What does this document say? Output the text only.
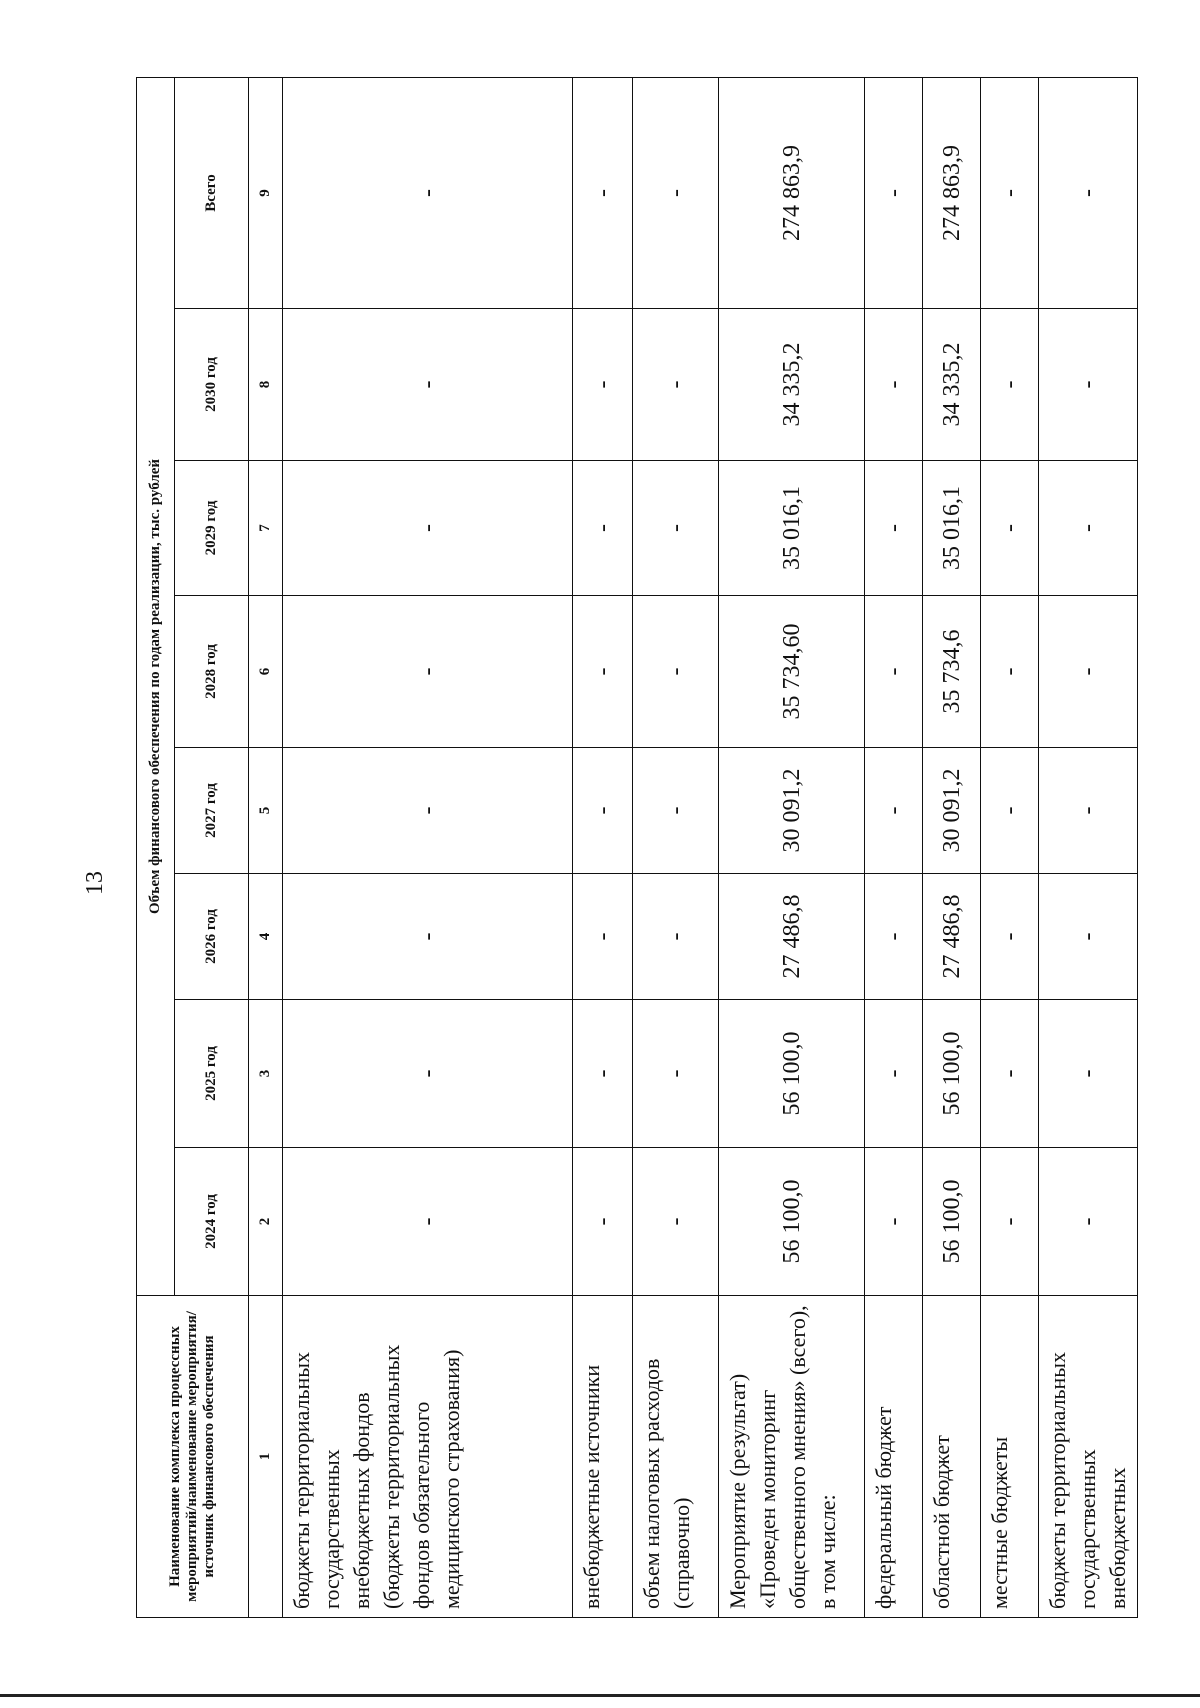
13
Наименование комплекса процессных мероприятий/наименование мероприятия/источник финансового обеспечения	Объем финансового обеспечения по годам реализации, тыс. рублей							
	2024 год	2025 год	2026 год	2027 год	2028 год	2029 год	2030 год	Всего
1	2	3	4	5	6	7	8	9
бюджеты территориальных государственных внебюджетных фондов (бюджеты территориальных фондов обязательного медицинского страхования)	-	-	-	-	-	-	-	-
внебюджетные источники	-	-	-	-	-	-	-	-
объем налоговых расходов (справочно)	-	-	-	-	-	-	-	-
Мероприятие (результат) «Проведен мониторинг общественного мнения» (всего), в том числе:	56 100,0	56 100,0	27 486,8	30 091,2	35 734,60	35 016,1	34 335,2	274 863,9
федеральный бюджет	-	-	-	-	-	-	-	-
областной бюджет	56 100,0	56 100,0	27 486,8	30 091,2	35 734,6	35 016,1	34 335,2	274 863,9
местные бюджеты	-	-	-	-	-	-	-	-
бюджеты территориальных государственных внебюджетных	-	-	-	-	-	-	-	-
